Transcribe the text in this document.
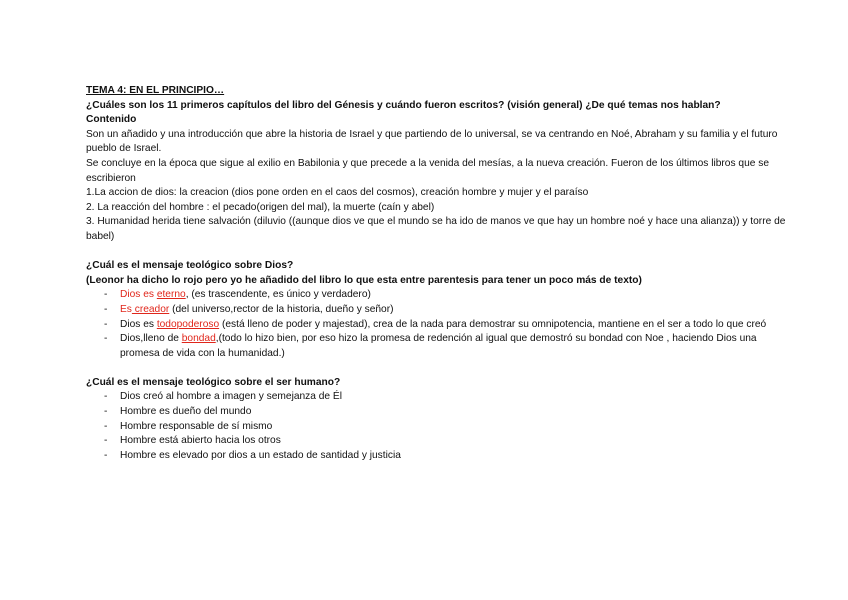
TEMA 4: EN EL PRINCIPIO…

¿Cuáles son los 11 primeros capítulos del libro del Génesis y cuándo fueron escritos? (visión general) ¿De qué temas nos hablan?

Contenido

Son un añadido y una introducción que abre la historia de Israel y que partiendo de lo universal, se va centrando en Noé, Abraham y su familia y el futuro pueblo de Israel.

Se concluye en la época que sigue al exilio en Babilonia y que precede a la venida del mesías, a la nueva creación. Fueron de los últimos libros que se escribieron

1.La accion de dios: la creacion (dios pone orden en el caos del cosmos), creación hombre y mujer y el paraíso

2. La reacción del hombre : el pecado(origen del mal), la muerte (caín y abel)

3. Humanidad herida tiene salvación (diluvio ((aunque dios ve que el mundo se ha ido de manos ve que hay un hombre noé y hace una alianza)) y torre de babel)

¿Cuál es el mensaje teológico sobre Dios?

(Leonor ha dicho lo rojo pero yo he añadido del libro lo que esta entre parentesis para tener un poco más de texto)

- Dios es eterno, (es trascendente, es único y verdadero)
- Es creador (del universo,rector de la historia, dueño y señor)
- Dios es todopoderoso (está lleno de poder y majestad), crea de la nada para demostrar su omnipotencia, mantiene en el ser a todo lo que creó
- Dios,lleno de bondad,(todo lo hizo bien, por eso hizo la promesa de redención al igual que demostró su bondad con Noe , haciendo Dios una promesa de vida con la humanidad.)

¿Cuál es el mensaje teológico sobre el ser humano?

- Dios creó al hombre a imagen y semejanza de Él
- Hombre es dueño del mundo
- Hombre responsable de sí mismo
- Hombre está abierto hacia los otros
- Hombre es elevado por dios a un estado de santidad y justicia
